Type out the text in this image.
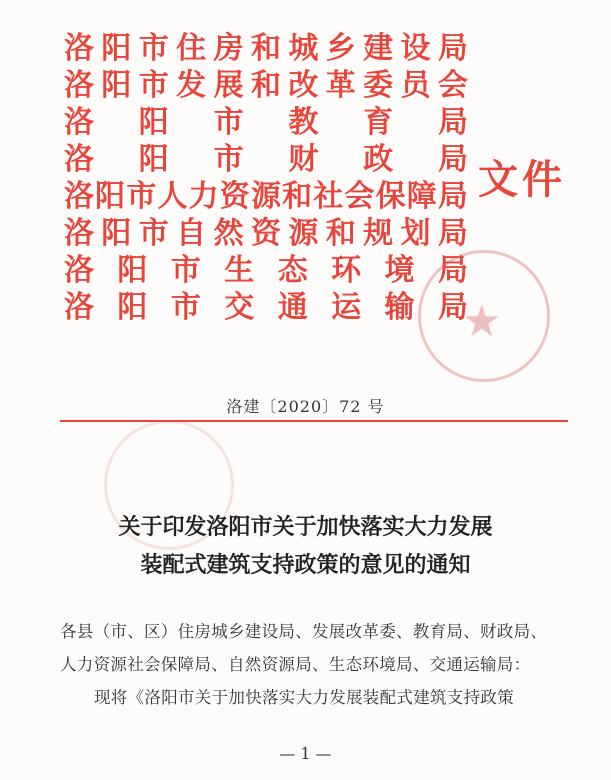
洛 阳 市 住 房 和 城 乡 建 设 局
洛 阳 市 发 展 和 改 革 委 员 会
洛 阳 市 教 育 局
洛 阳 市 财 政 局
洛 阳 市 人 力 资 源 和 社 会 保 障 局
洛 阳 市 自 然 资 源 和 规 划 局
洛 阳 市 生 态 环 境 局
洛 阳 市 交 通 运 输 局
文件
★
洛建〔2020〕72 号
关于印发洛阳市关于加快落实大力发展
装配式建筑支持政策的意见的通知
各县（市、区）住房城乡建设局、发展改革委、教育局、财政局、
人力资源社会保障局、自然资源局、生态环境局、交通运输局：
现将《洛阳市关于加快落实大力发展装配式建筑支持政策
— 1 —
